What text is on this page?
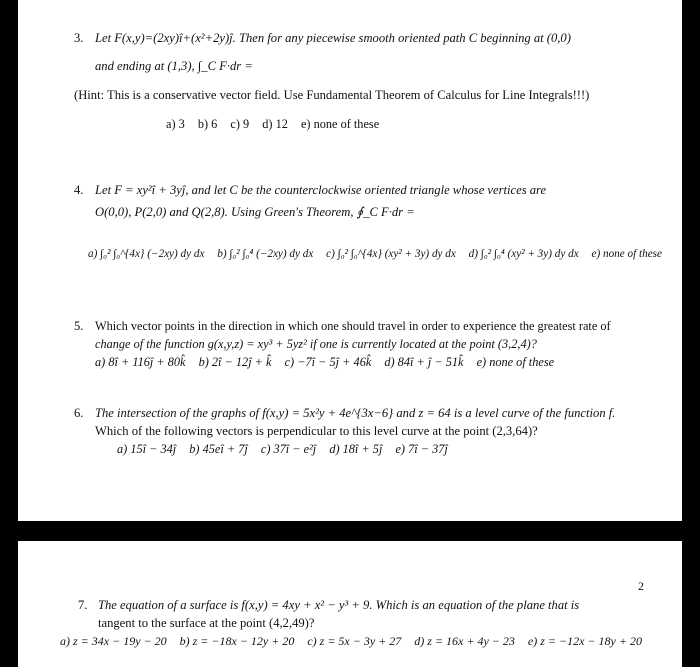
3. Let F(x,y)=(2xy)î+(x²+2y)ĵ. Then for any piecewise smooth oriented path C beginning at (0,0)
and ending at (1,3), ∫_C F·dr =
(Hint: This is a conservative vector field. Use Fundamental Theorem of Calculus for Line Integrals!!!)
a) 3 b) 6 c) 9 d) 12 e) none of these
4. Let F = xy²î + 3yĵ, and let C be the counterclockwise oriented triangle whose vertices are
O(0,0), P(2,0) and Q(2,8). Using Green's Theorem, ∮_C F·dr =
a) ∫₀² ∫₀^{4x} (−2xy) dy dx b) ∫₀² ∫₀⁴ (−2xy) dy dx c) ∫₀² ∫₀^{4x} (xy² + 3y) dy dx d) ∫₀² ∫₀⁴ (xy² + 3y) dy dx e) none of these
5. Which vector points in the direction in which one should travel in order to experience the greatest rate of
change of the function g(x,y,z) = xy³ + 5yz² if one is currently located at the point (3,2,4)?
a) 8î + 116ĵ + 80k̂ b) 2î − 12ĵ + k̂ c) −7î − 5ĵ + 46k̂ d) 84î + ĵ − 51k̂ e) none of these
6. The intersection of the graphs of f(x,y) = 5x²y + 4e^{3x−6} and z = 64 is a level curve of the function f.
Which of the following vectors is perpendicular to this level curve at the point (2,3,64)?
a) 15î − 34ĵ b) 45eî + 7ĵ c) 37î − e²ĵ d) 18î + 5ĵ e) 7î − 37ĵ
2
7. The equation of a surface is f(x,y) = 4xy + x² − y³ + 9. Which is an equation of the plane that is
tangent to the surface at the point (4,2,49)?
a) z = 34x − 19y − 20 b) z = −18x − 12y + 20 c) z = 5x − 3y + 27 d) z = 16x + 4y − 23 e) z = −12x − 18y + 20
